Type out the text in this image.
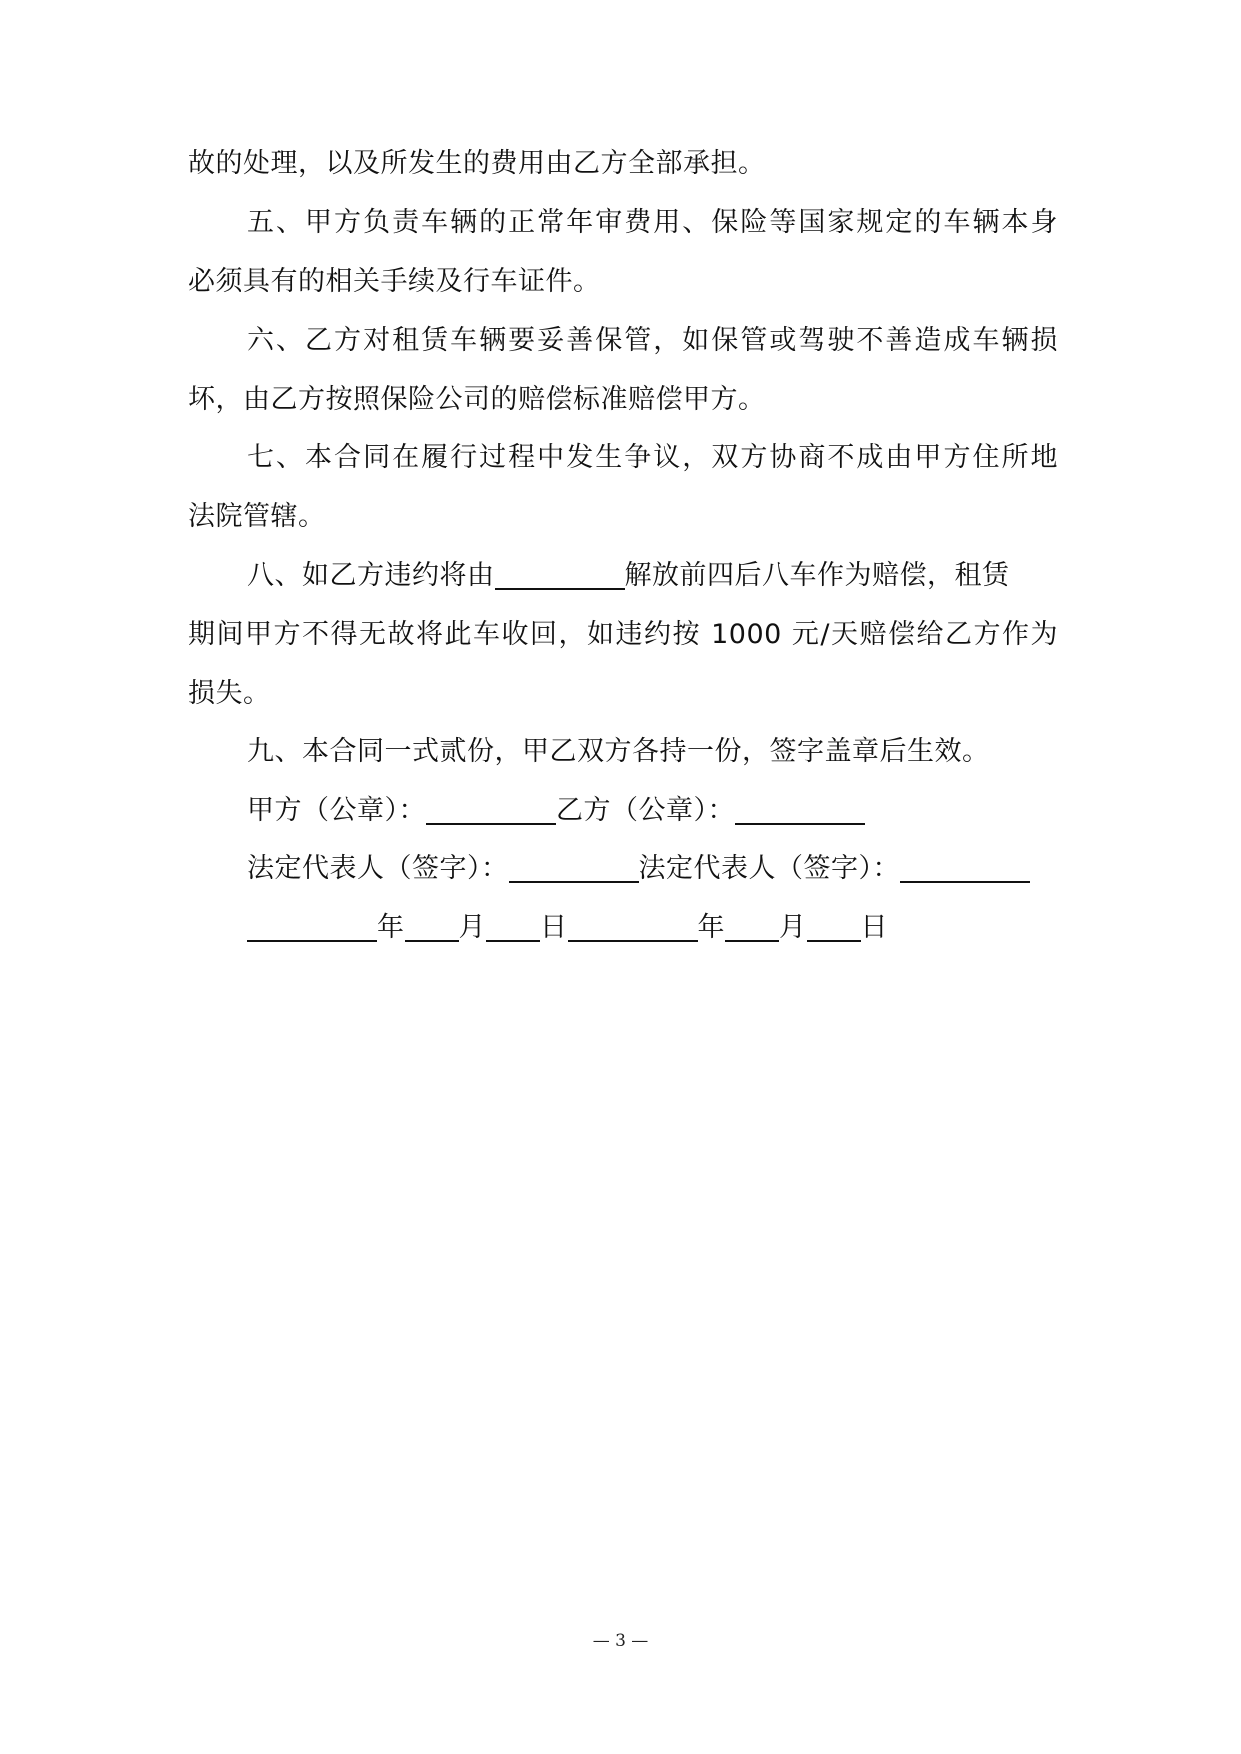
故的处理，以及所发生的费用由乙方全部承担。
五、甲方负责车辆的正常年审费用、保险等国家规定的车辆本身
必须具有的相关手续及行车证件。
六、乙方对租赁车辆要妥善保管，如保管或驾驶不善造成车辆损
坏，由乙方按照保险公司的赔偿标准赔偿甲方。
七、本合同在履行过程中发生争议，双方协商不成由甲方住所地
法院管辖。
八、如乙方违约将由	解放前四后八车作为赔偿，租赁
期间甲方不得无故将此车收回，如违约按 1000 元/天赔偿给乙方作为
损失。
九、本合同一式贰份，甲乙双方各持一份，签字盖章后生效。
甲方（公章）：	乙方（公章）：
法定代表人（签字）：	法定代表人（签字）：
年 月 日	年 月 日
— 3 —
